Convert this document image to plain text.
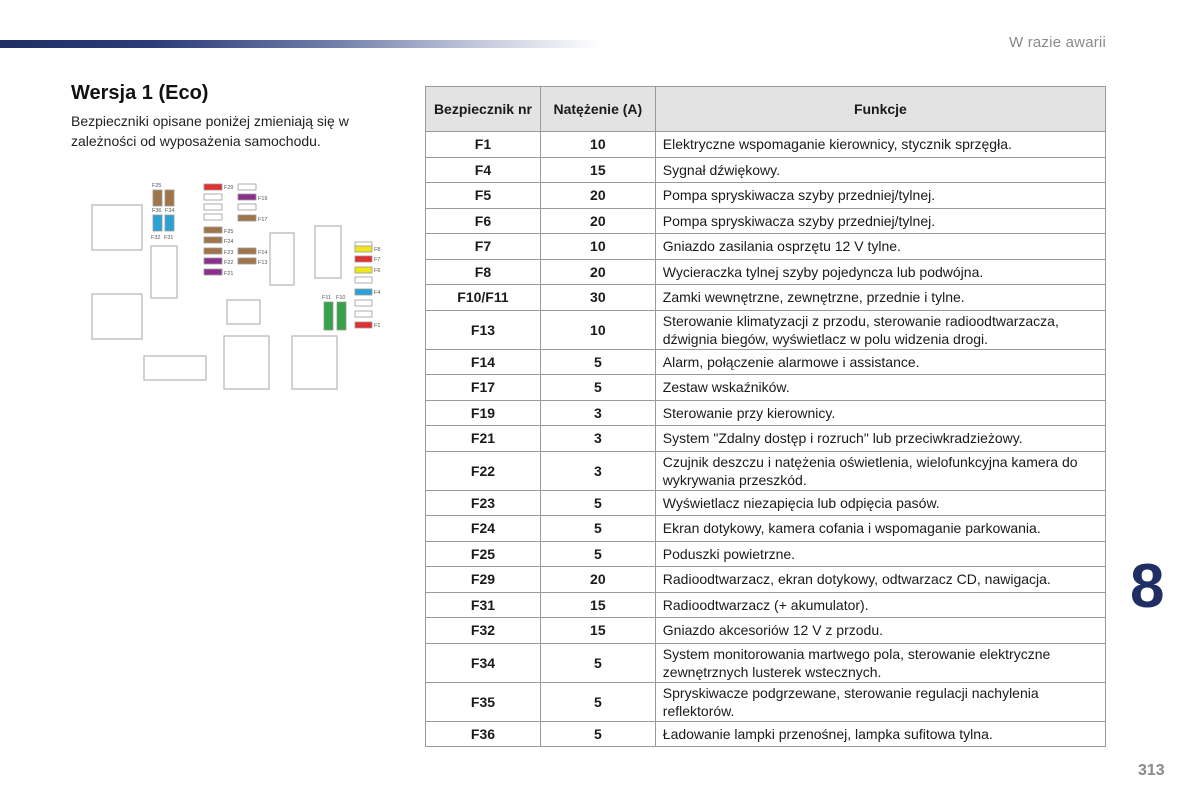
W razie awarii
Wersja 1 (Eco)
Bezpieczniki opisane poniżej zmieniają się w zależności od wyposażenia samochodu.
F25	F29
F19
F36 F34
F17
F32 F31
F25
F24
F23	F14
F22	F13
F21
F8
F7
F6
F4
F11 F10
F1
Bezpiecznik nr	Natężenie (A)	Funkcje
F1	10	Elektryczne wspomaganie kierownicy, stycznik sprzęgła.
F4	15	Sygnał dźwiękowy.
F5	20	Pompa spryskiwacza szyby przedniej/tylnej.
F6	20	Pompa spryskiwacza szyby przedniej/tylnej.
F7	10	Gniazdo zasilania osprzętu 12 V tylne.
F8	20	Wycieraczka tylnej szyby pojedyncza lub podwójna.
F10/F11	30	Zamki wewnętrzne, zewnętrzne, przednie i tylne.
F13	10	Sterowanie klimatyzacji z przodu, sterowanie radioodtwarzacza, dźwignia biegów, wyświetlacz w polu widzenia drogi.
F14	5	Alarm, połączenie alarmowe i assistance.
F17	5	Zestaw wskaźników.
F19	3	Sterowanie przy kierownicy.
F21	3	System "Zdalny dostęp i rozruch" lub przeciwkradzieżowy.
F22	3	Czujnik deszczu i natężenia oświetlenia, wielofunkcyjna kamera do wykrywania przeszkód.
F23	5	Wyświetlacz niezapięcia lub odpięcia pasów.
F24	5	Ekran dotykowy, kamera cofania i wspomaganie parkowania.
F25	5	Poduszki powietrzne.
F29	20	Radioodtwarzacz, ekran dotykowy, odtwarzacz CD, nawigacja.
F31	15	Radioodtwarzacz (+ akumulator).
F32	15	Gniazdo akcesoriów 12 V z przodu.
F34	5	System monitorowania martwego pola, sterowanie elektryczne zewnętrznych lusterek wstecznych.
F35	5	Spryskiwacze podgrzewane, sterowanie regulacji nachylenia reflektorów.
F36	5	Ładowanie lampki przenośnej, lampka sufitowa tylna.
8
313
